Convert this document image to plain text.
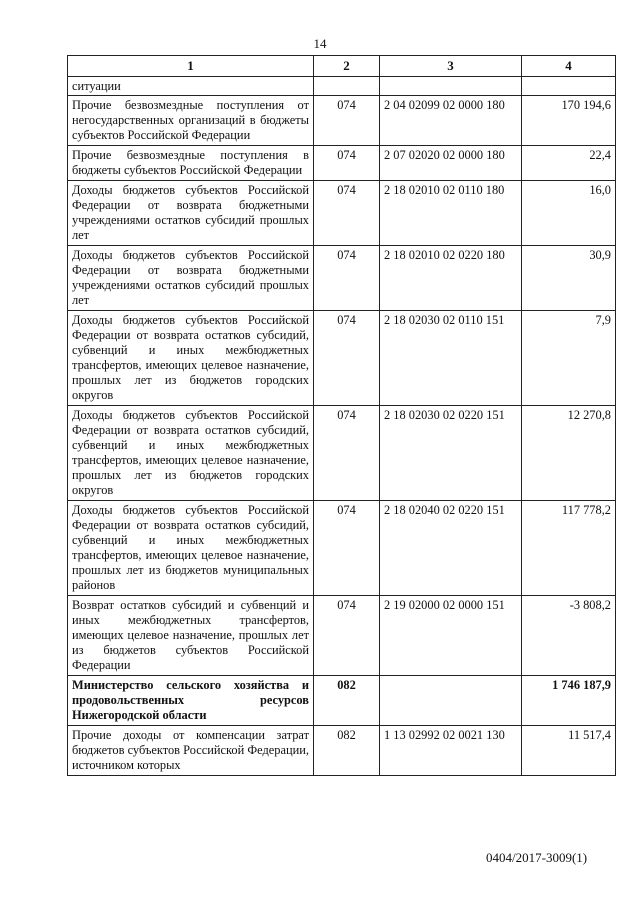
14
1	2	3	4
ситуации			
Прочие безвозмездные поступления от негосударственных организаций в бюджеты субъектов Российской Федерации	074	2 04 02099 02 0000 180	170 194,6
Прочие безвозмездные поступления в бюджеты субъектов Российской Федерации	074	2 07 02020 02 0000 180	22,4
Доходы бюджетов субъектов Российской Федерации от возврата бюджетными учреждениями остатков субсидий прошлых лет	074	2 18 02010 02 0110 180	16,0
Доходы бюджетов субъектов Российской Федерации от возврата бюджетными учреждениями остатков субсидий прошлых лет	074	2 18 02010 02 0220 180	30,9
Доходы бюджетов субъектов Российской Федерации от возврата остатков субсидий, субвенций и иных межбюджетных трансфертов, имеющих целевое назначение, прошлых лет из бюджетов городских округов	074	2 18 02030 02 0110 151	7,9
Доходы бюджетов субъектов Российской Федерации от возврата остатков субсидий, субвенций и иных межбюджетных трансфертов, имеющих целевое назначение, прошлых лет из бюджетов городских округов	074	2 18 02030 02 0220 151	12 270,8
Доходы бюджетов субъектов Российской Федерации от возврата остатков субсидий, субвенций и иных межбюджетных трансфертов, имеющих целевое назначение, прошлых лет из бюджетов муниципальных районов	074	2 18 02040 02 0220 151	117 778,2
Возврат остатков субсидий и субвенций и иных межбюджетных трансфертов, имеющих целевое назначение, прошлых лет из бюджетов субъектов Российской Федерации	074	2 19 02000 02 0000 151	-3 808,2
Министерство сельского хозяйства и продовольственных ресурсов Нижегородской области	082		1 746 187,9
Прочие доходы от компенсации затрат бюджетов субъектов Российской Федерации, источником которых	082	1 13 02992 02 0021 130	11 517,4
0404/2017-3009(1)
